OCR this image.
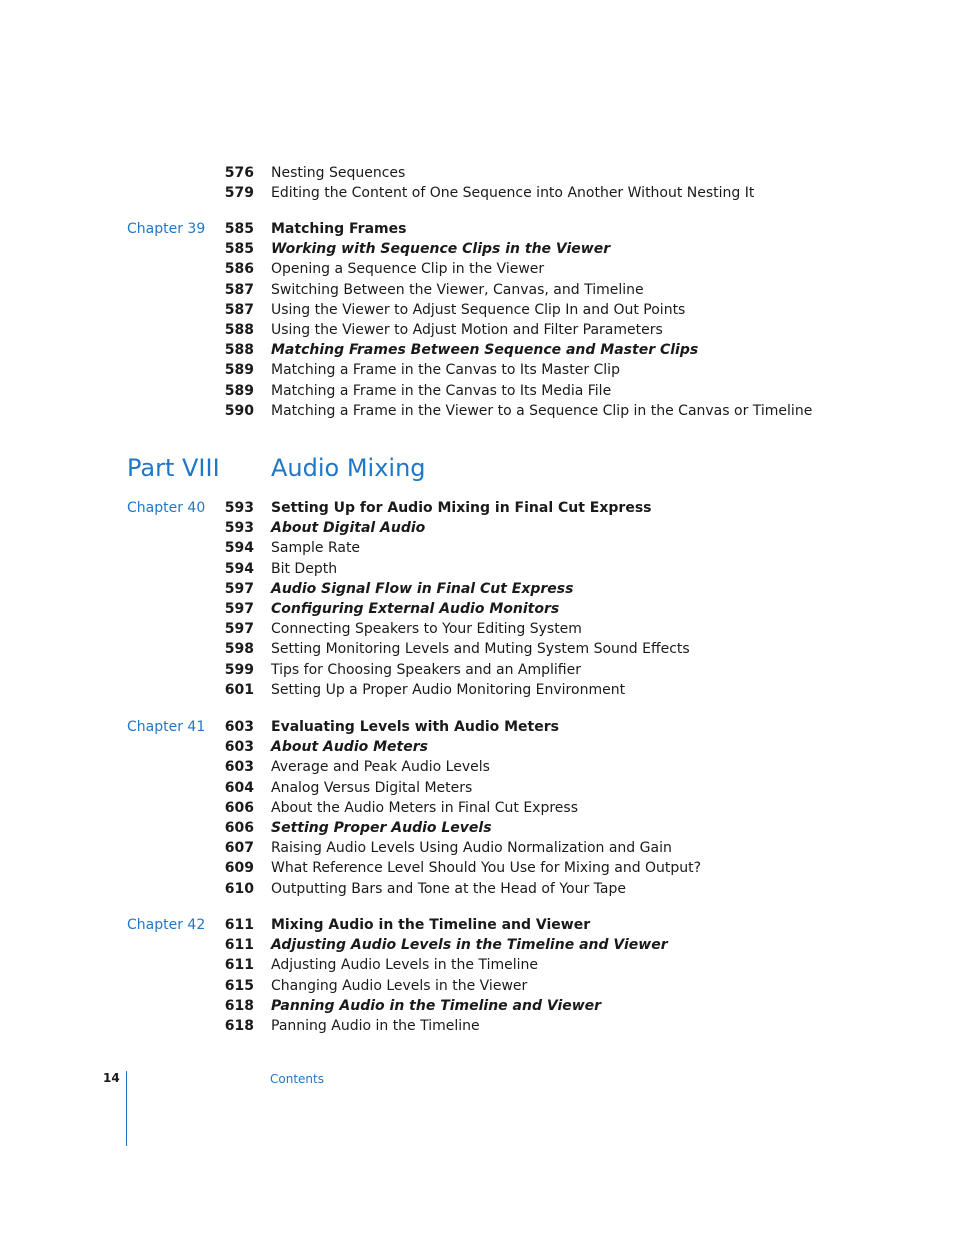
576 Nesting Sequences
579 Editing the Content of One Sequence into Another Without Nesting It
Chapter 39 585 Matching Frames
585 Working with Sequence Clips in the Viewer
586 Opening a Sequence Clip in the Viewer
587 Switching Between the Viewer, Canvas, and Timeline
587 Using the Viewer to Adjust Sequence Clip In and Out Points
588 Using the Viewer to Adjust Motion and Filter Parameters
588 Matching Frames Between Sequence and Master Clips
589 Matching a Frame in the Canvas to Its Master Clip
589 Matching a Frame in the Canvas to Its Media File
590 Matching a Frame in the Viewer to a Sequence Clip in the Canvas or Timeline
Chapter 40 593 Setting Up for Audio Mixing in Final Cut Express
593 About Digital Audio
594 Sample Rate
594 Bit Depth
597 Audio Signal Flow in Final Cut Express
597 Configuring External Audio Monitors
597 Connecting Speakers to Your Editing System
598 Setting Monitoring Levels and Muting System Sound Effects
599 Tips for Choosing Speakers and an Amplifier
601 Setting Up a Proper Audio Monitoring Environment
Chapter 41 603 Evaluating Levels with Audio Meters
603 About Audio Meters
603 Average and Peak Audio Levels
604 Analog Versus Digital Meters
606 About the Audio Meters in Final Cut Express
606 Setting Proper Audio Levels
607 Raising Audio Levels Using Audio Normalization and Gain
609 What Reference Level Should You Use for Mixing and Output?
610 Outputting Bars and Tone at the Head of Your Tape
Chapter 42 611 Mixing Audio in the Timeline and Viewer
611 Adjusting Audio Levels in the Timeline and Viewer
611 Adjusting Audio Levels in the Timeline
615 Changing Audio Levels in the Viewer
618 Panning Audio in the Timeline and Viewer
618 Panning Audio in the Timeline
Part VIII Audio Mixing
14	Contents
